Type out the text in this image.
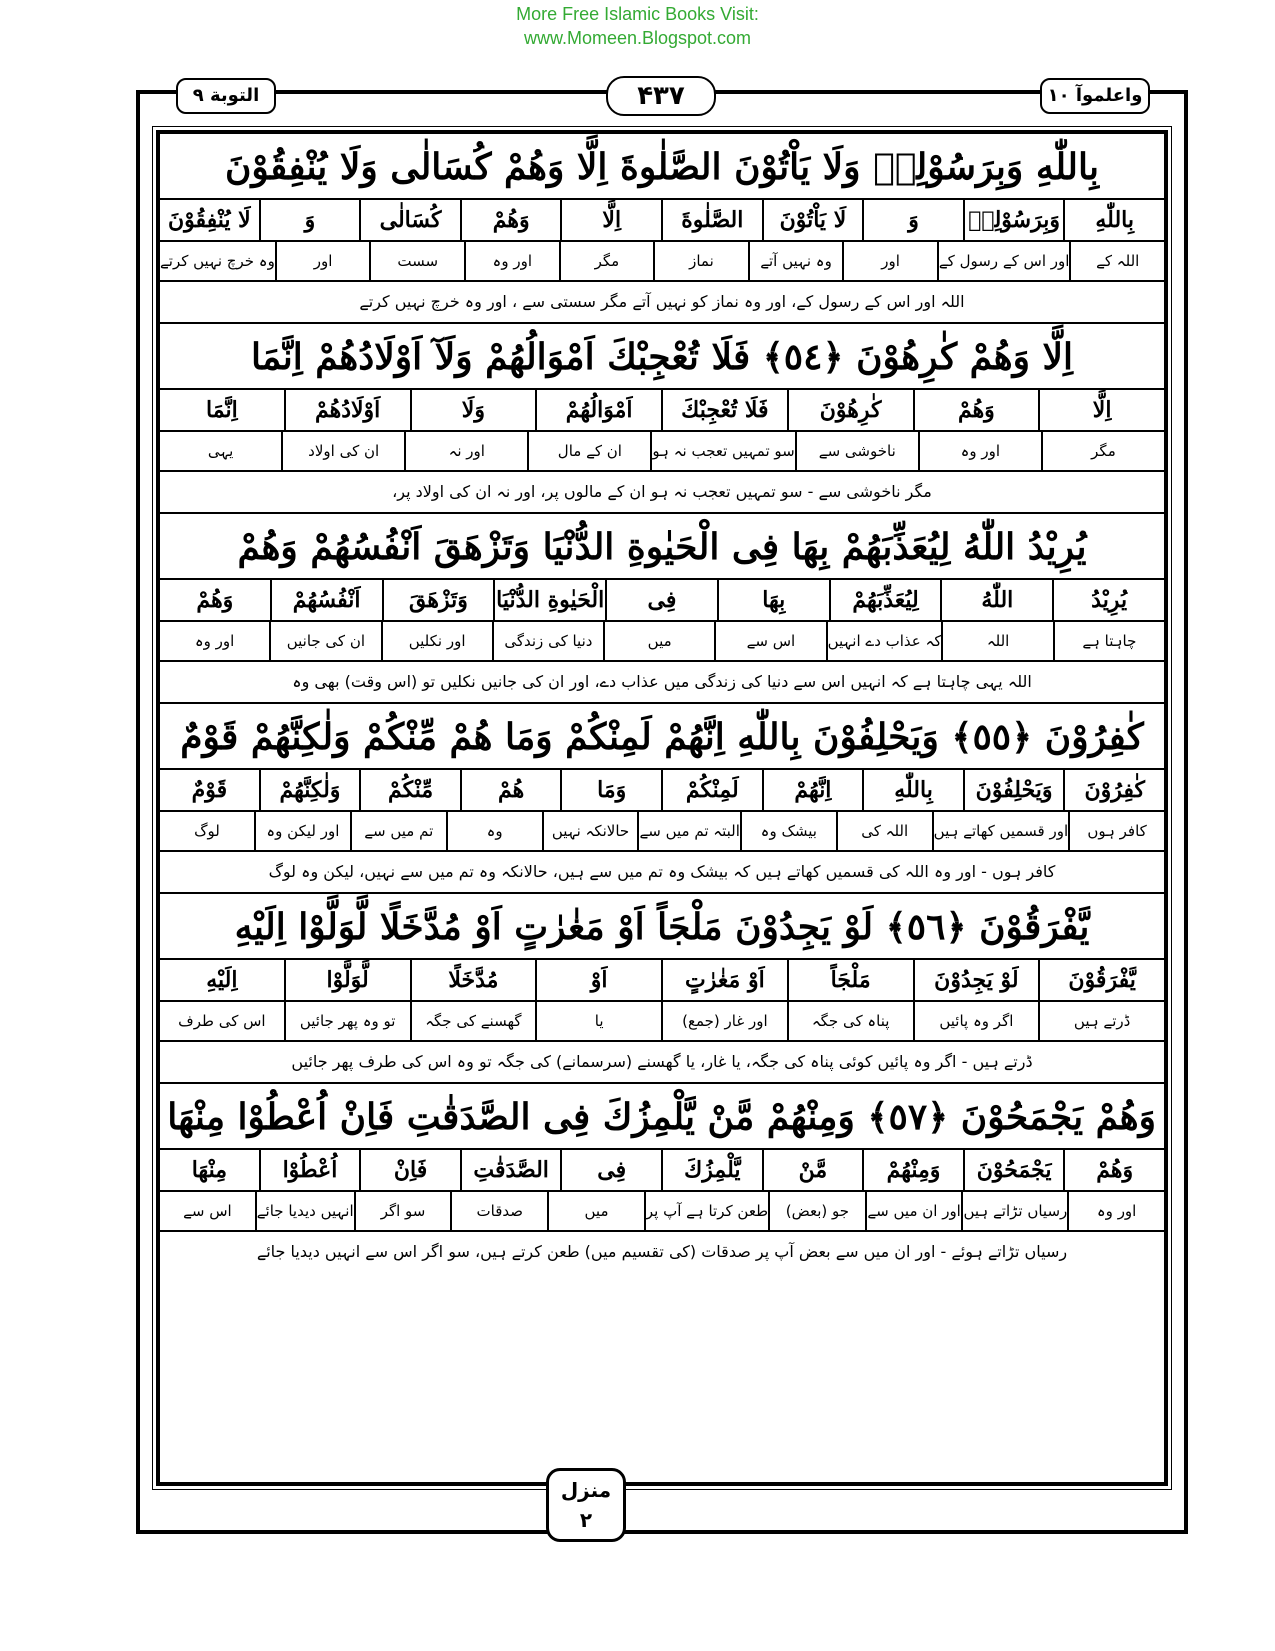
More Free Islamic Books Visit:
www.Momeen.Blogspot.com
التوبة ٩	۴۳۷	واعلموآ ١٠
بِاللّٰهِ وَبِرَسُوْلِهٖ وَلَا يَاْتُوْنَ الصَّلٰوةَ اِلَّا وَهُمْ كُسَالٰى وَلَا يُنْفِقُوْنَ
بِاللّٰهِ
وَبِرَسُوْلِهٖ
وَ
لَا يَاْتُوْنَ
الصَّلٰوةَ
اِلَّا
وَهُمْ
كُسَالٰى
وَ
لَا يُنْفِقُوْنَ
اللہ کے
اور اس کے رسول کے
اور
وہ نہیں آتے
نماز
مگر
اور وہ
سست
اور
وہ خرچ نہیں کرتے
اللہ اور اس کے رسول کے، اور وہ نماز کو نہیں آتے مگر سستی سے ، اور وہ خرچ نہیں کرتے
اِلَّا وَهُمْ كٰرِهُوْنَ ﴿٥٤﴾ فَلَا تُعْجِبْكَ اَمْوَالُهُمْ وَلَآ اَوْلَادُهُمْ اِنَّمَا
اِلَّا
وَهُمْ
كٰرِهُوْنَ
فَلَا تُعْجِبْكَ
اَمْوَالُهُمْ
وَلَا
اَوْلَادُهُمْ
اِنَّمَا
مگر
اور وہ
ناخوشی سے
سو تمہیں تعجب نہ ہو
ان کے مال
اور نہ
ان کی اولاد
یہی
مگر ناخوشی سے - سو تمہیں تعجب نہ ہو ان کے مالوں پر، اور نہ ان کی اولاد پر،
يُرِيْدُ اللّٰهُ لِيُعَذِّبَهُمْ بِهَا فِى الْحَيٰوةِ الدُّنْيَا وَتَزْهَقَ اَنْفُسُهُمْ وَهُمْ
يُرِيْدُ
اللّٰهُ
لِيُعَذِّبَهُمْ
بِهَا
فِى
الْحَيٰوةِ الدُّنْيَا
وَتَزْهَقَ
اَنْفُسُهُمْ
وَهُمْ
چاہتا ہے
اللہ
کہ عذاب دے انہیں
اس سے
میں
دنیا کی زندگی
اور نکلیں
ان کی جانیں
اور وہ
اللہ یہی چاہتا ہے کہ انہیں اس سے دنیا کی زندگی میں عذاب دے، اور ان کی جانیں نکلیں تو (اس وقت) بھی وہ
كٰفِرُوْنَ ﴿٥٥﴾ وَيَحْلِفُوْنَ بِاللّٰهِ اِنَّهُمْ لَمِنْكُمْ وَمَا هُمْ مِّنْكُمْ وَلٰكِنَّهُمْ قَوْمٌ
كٰفِرُوْنَ
وَيَحْلِفُوْنَ
بِاللّٰهِ
اِنَّهُمْ
لَمِنْكُمْ
وَمَا
هُمْ
مِّنْكُمْ
وَلٰكِنَّهُمْ
قَوْمٌ
کافر ہوں
اور قسمیں کھاتے ہیں
اللہ کی
بیشک وہ
البتہ تم میں سے
حالانکہ نہیں
وہ
تم میں سے
اور لیکن وہ
لوگ
کافر ہوں - اور وہ اللہ کی قسمیں کھاتے ہیں کہ بیشک وہ تم میں سے ہیں، حالانکہ وہ تم میں سے نہیں، لیکن وہ لوگ
يَّفْرَقُوْنَ ﴿٥٦﴾ لَوْ يَجِدُوْنَ مَلْجَاً اَوْ مَغٰرٰتٍ اَوْ مُدَّخَلًا لَّوَلَّوْا اِلَيْهِ
يَّفْرَقُوْنَ
لَوْ يَجِدُوْنَ
مَلْجَاً
اَوْ مَغٰرٰتٍ
اَوْ
مُدَّخَلًا
لَّوَلَّوْا
اِلَيْهِ
ڈرتے ہیں
اگر وہ پائیں
پناہ کی جگہ
اور غار (جمع)
یا
گھسنے کی جگہ
تو وہ پھر جائیں
اس کی طرف
ڈرتے ہیں - اگر وہ پائیں کوئی پناہ کی جگہ، یا غار، یا گھسنے (سرسمانے) کی جگہ تو وہ اس کی طرف پھر جائیں
وَهُمْ يَجْمَحُوْنَ ﴿٥٧﴾ وَمِنْهُمْ مَّنْ يَّلْمِزُكَ فِى الصَّدَقٰتِ فَاِنْ اُعْطُوْا مِنْهَا
وَهُمْ
يَجْمَحُوْنَ
وَمِنْهُمْ
مَّنْ
يَّلْمِزُكَ
فِى
الصَّدَقٰتِ
فَاِنْ
اُعْطُوْا
مِنْهَا
اور وہ
رسیاں تڑاتے ہیں
اور ان میں سے
جو (بعض)
طعن کرتا ہے آپ پر
میں
صدقات
سو اگر
انہیں دیدیا جائے
اس سے
رسیاں تڑاتے ہوئے - اور ان میں سے بعض آپ پر صدقات (کی تقسیم میں) طعن کرتے ہیں، سو اگر اس سے انہیں دیدیا جائے
منزل
٢
